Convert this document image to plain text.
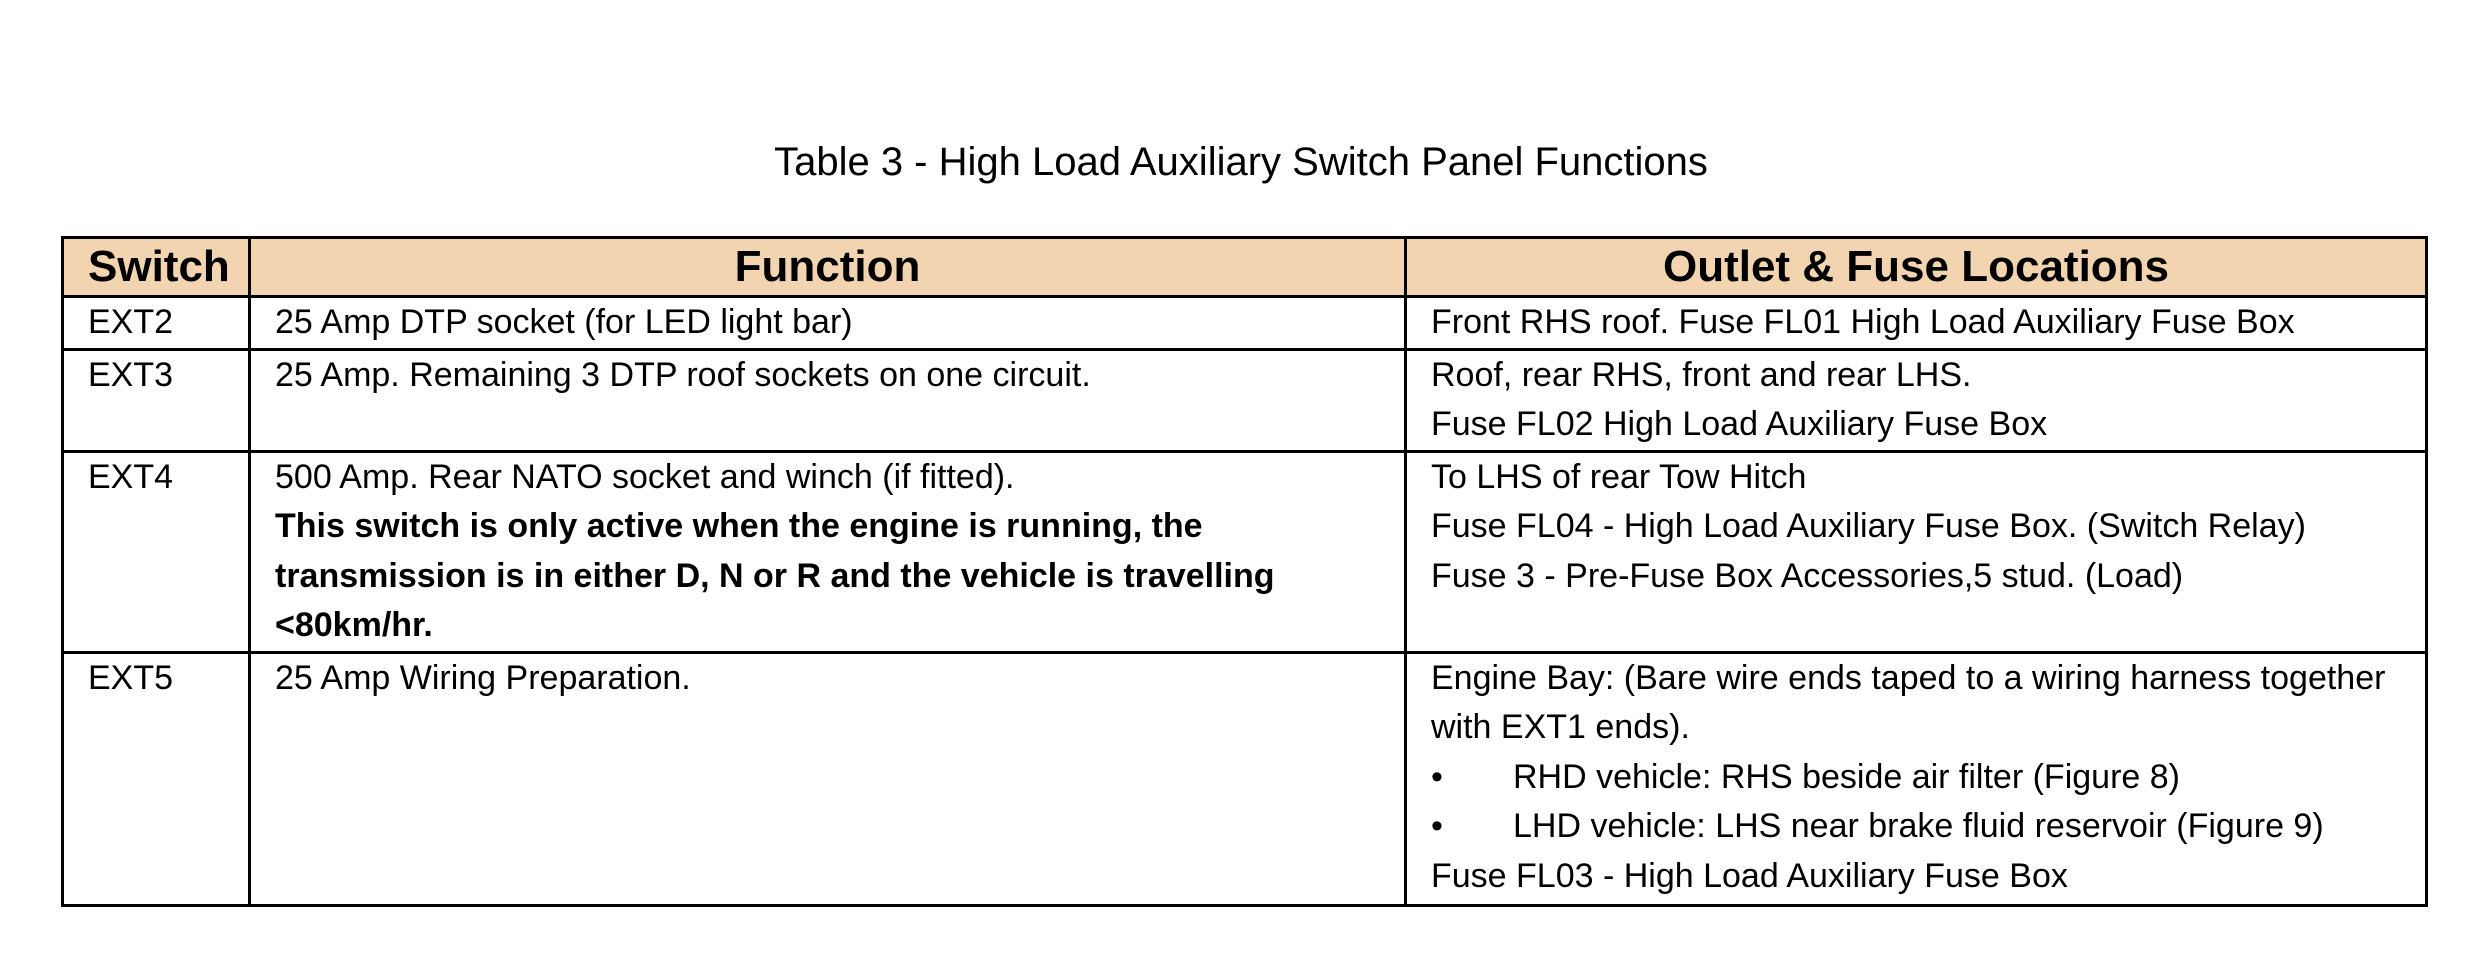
Table 3 - High Load Auxiliary Switch Panel Functions
Switch	Function	Outlet & Fuse Locations

EXT2	25 Amp DTP socket (for LED light bar)	Front RHS roof. Fuse FL01 High Load Auxiliary Fuse Box

EXT3	25 Amp. Remaining 3 DTP roof sockets on one circuit.	Roof, rear RHS, front and rear LHS.
Fuse FL02 High Load Auxiliary Fuse Box

EXT4	500 Amp. Rear NATO socket and winch (if fitted).
This switch is only active when the engine is running, the transmission is in either D, N or R and the vehicle is travelling <80km/hr.	To LHS of rear Tow Hitch
Fuse FL04 - High Load Auxiliary Fuse Box. (Switch Relay)
Fuse 3 - Pre-Fuse Box Accessories,5 stud. (Load)

EXT5	25 Amp Wiring Preparation.	Engine Bay: (Bare wire ends taped to a wiring harness together with EXT1 ends).
• RHD vehicle: RHS beside air filter (Figure 8)
• LHD vehicle: LHS near brake fluid reservoir (Figure 9)
Fuse FL03 - High Load Auxiliary Fuse Box
